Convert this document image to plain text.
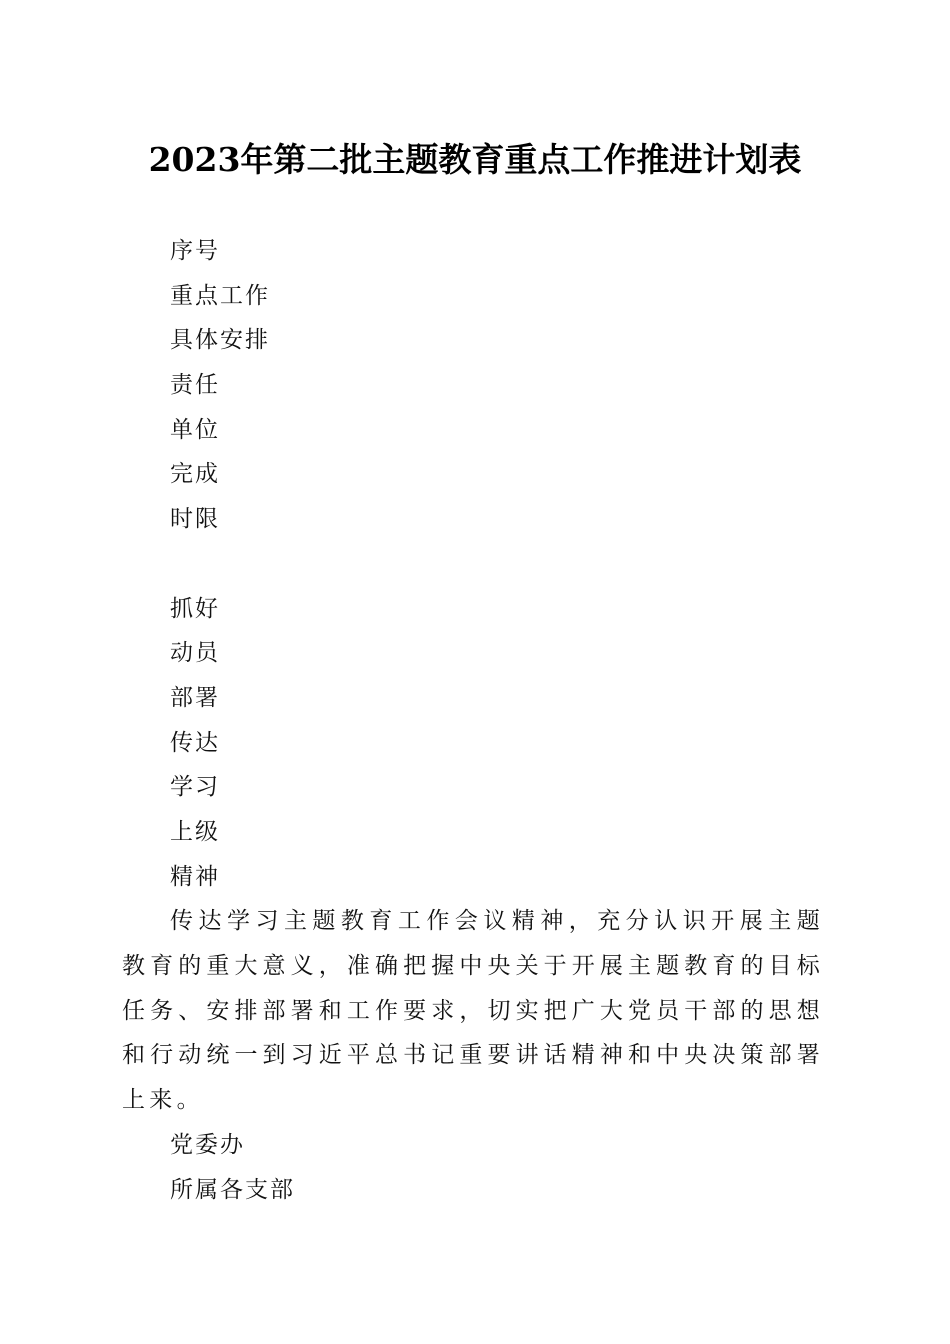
2023年第二批主题教育重点工作推进计划表
序号
重点工作
具体安排
责任
单位
完成
时限
抓好
动员
部署
传达
学习
上级
精神

传达学习主题教育工作会议精神，充分认识开展主题教育的重大意义，准确把握中央关于开展主题教育的目标任务、安排部署和工作要求，切实把广大党员干部的思想和行动统一到习近平总书记重要讲话精神和中央决策部署上来。

党委办
所属各支部
